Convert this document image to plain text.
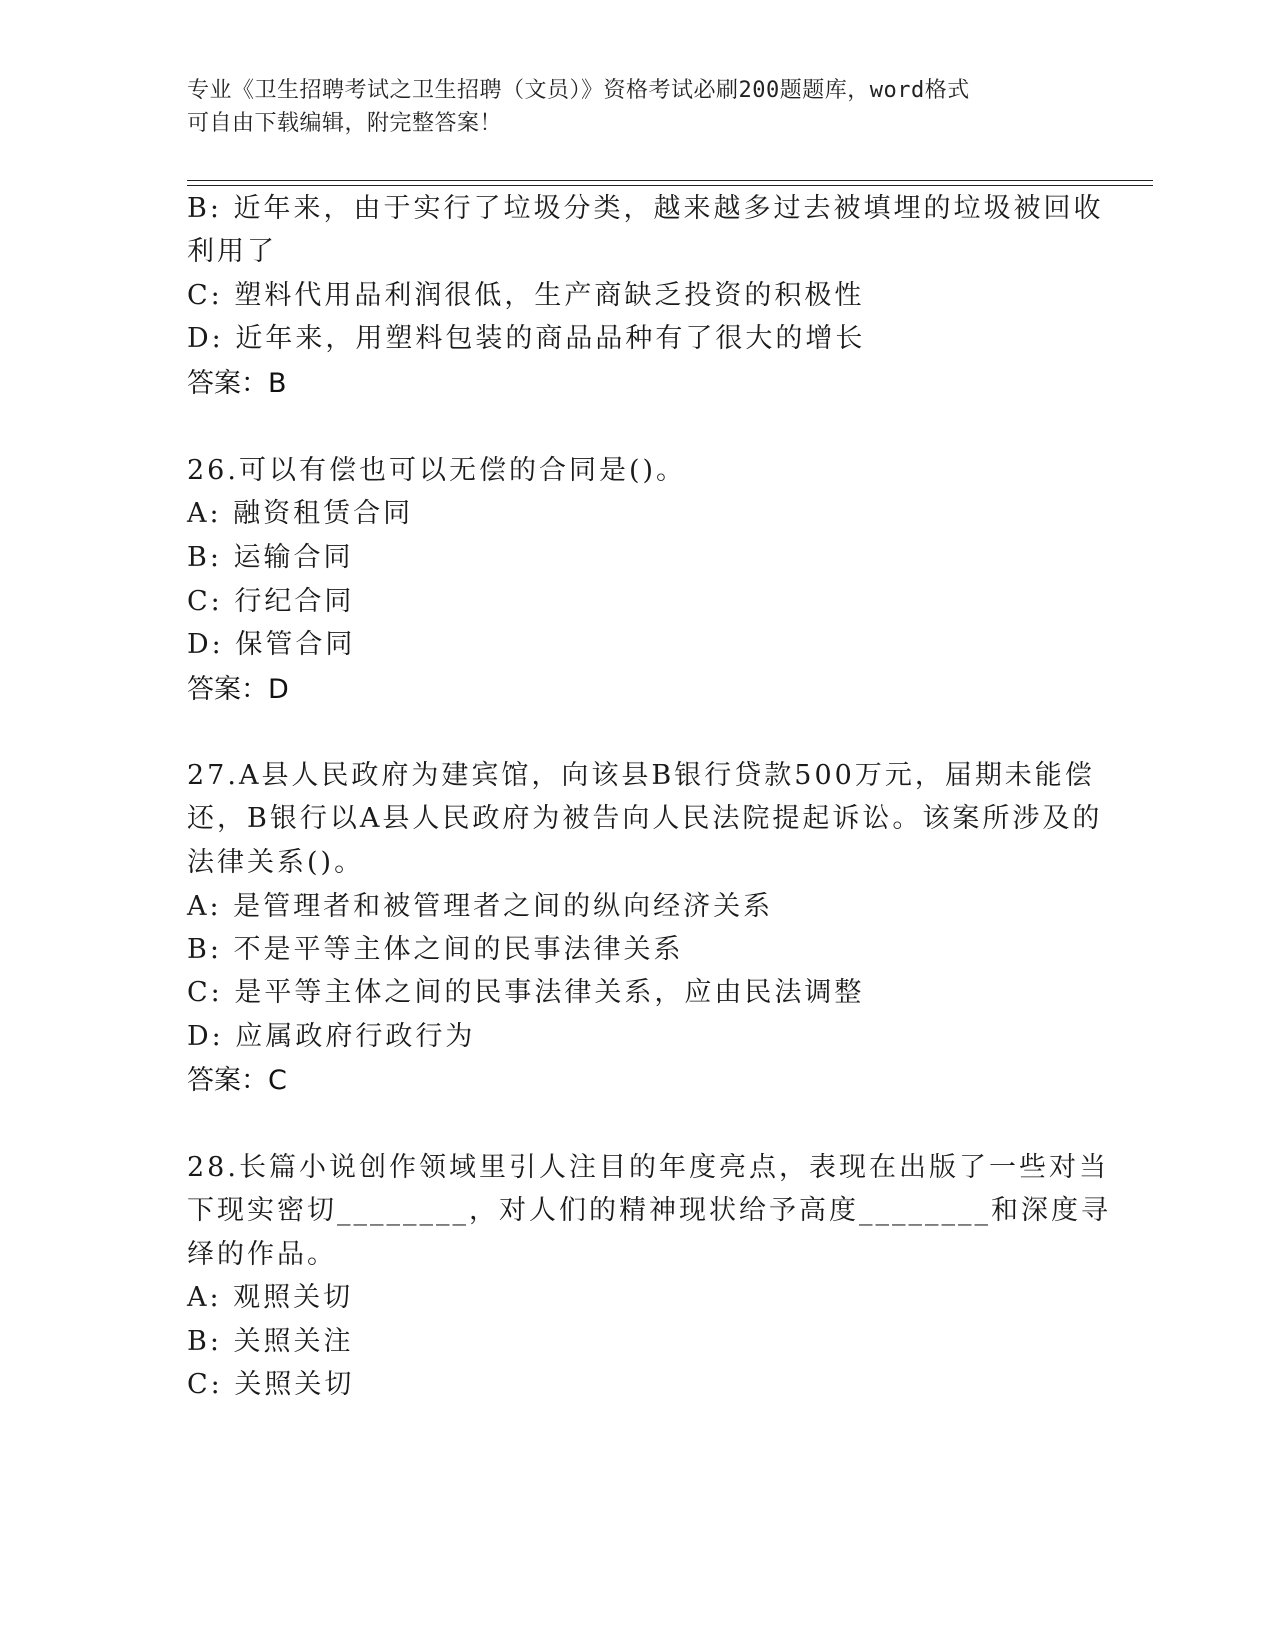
专业《卫生招聘考试之卫生招聘（文员）》资格考试必刷200题题库，word格式
可自由下载编辑，附完整答案！
B: 近年来，由于实行了垃圾分类，越来越多过去被填埋的垃圾被回收
利用了
C: 塑料代用品利润很低，生产商缺乏投资的积极性
D: 近年来，用塑料包装的商品品种有了很大的增长
答案：B
26.可以有偿也可以无偿的合同是()。
A: 融资租赁合同
B: 运输合同
C: 行纪合同
D: 保管合同
答案：D
27.A县人民政府为建宾馆，向该县B银行贷款500万元，届期未能偿
还，B银行以A县人民政府为被告向人民法院提起诉讼。该案所涉及的
法律关系()。
A: 是管理者和被管理者之间的纵向经济关系
B: 不是平等主体之间的民事法律关系
C: 是平等主体之间的民事法律关系，应由民法调整
D: 应属政府行政行为
答案：C
28.长篇小说创作领域里引人注目的年度亮点，表现在出版了一些对当
下现实密切________，对人们的精神现状给予高度________和深度寻
绎的作品。
A: 观照关切
B: 关照关注
C: 关照关切
